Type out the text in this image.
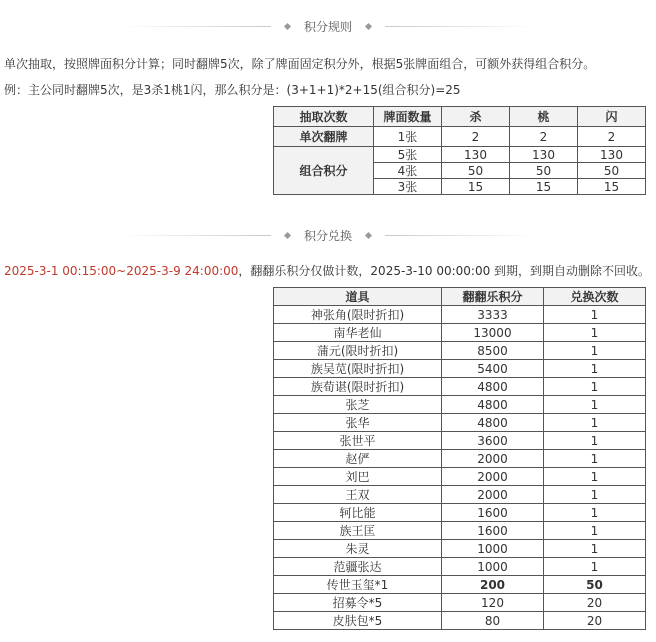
积分规则
单次抽取，按照牌面积分计算；同时翻牌5次，除了牌面固定积分外，根据5张牌面组合，可额外获得组合积分。
例：主公同时翻牌5次，是3杀1桃1闪，那么积分是：(3+1+1)*2+15(组合积分)=25
抽取次数	牌面数量	杀	桃	闪
单次翻牌	1张	2	2	2
组合积分	5张	130	130	130
	4张	50	50	50
	3张	15	15	15
积分兑换
2025-3-1 00:15:00~2025-3-9 24:00:00，翻翻乐积分仅做计数，2025-3-10 00:00:00 到期，到期自动删除不回收。
道具	翻翻乐积分	兑换次数
神张角(限时折扣)	3333	1
南华老仙	13000	1
蒲元(限时折扣)	8500	1
族吴苋(限时折扣)	5400	1
族荀谌(限时折扣)	4800	1
张芝	4800	1
张华	4800	1
张世平	3600	1
赵俨	2000	1
刘巴	2000	1
王双	2000	1
轲比能	1600	1
族王匡	1600	1
朱灵	1000	1
范疆张达	1000	1
传世玉玺*1	200	50
招募令*5	120	20
皮肤包*5	80	20
